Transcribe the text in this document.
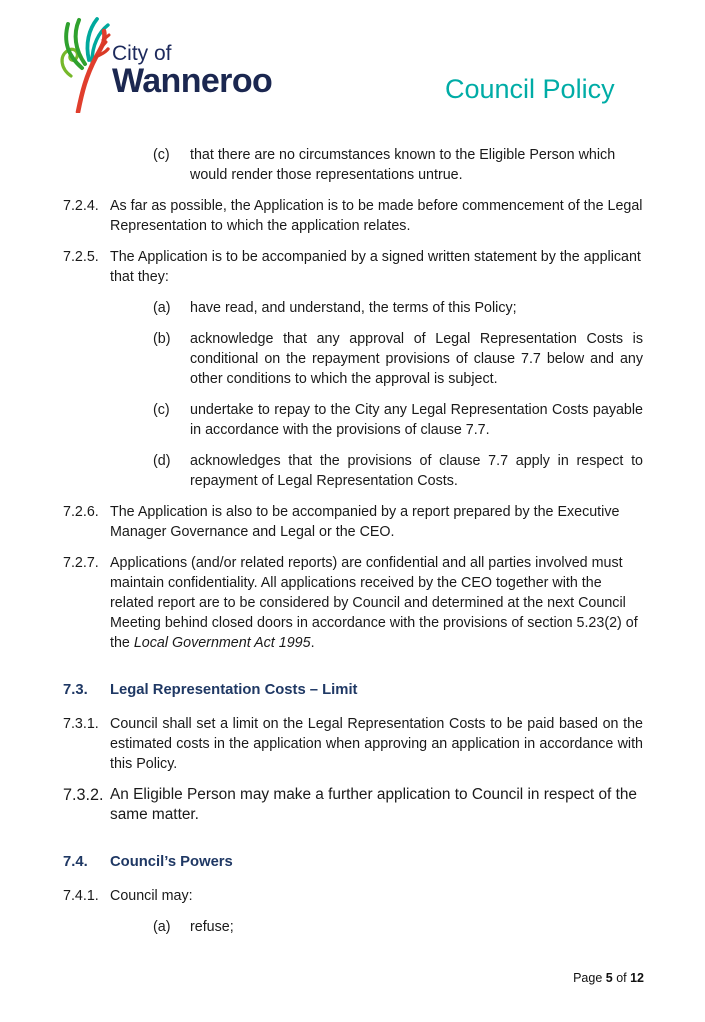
City of
Wanneroo	Council Policy
(c)	that there are no circumstances known to the Eligible Person which would render those representations untrue.
7.2.4. As far as possible, the Application is to be made before commencement of the Legal Representation to which the application relates.
7.2.5. The Application is to be accompanied by a signed written statement by the applicant that they:
(a)	have read, and understand, the terms of this Policy;
(b)	acknowledge that any approval of Legal Representation Costs is conditional on the repayment provisions of clause 7.7 below and any other conditions to which the approval is subject.
(c)	undertake to repay to the City any Legal Representation Costs payable in accordance with the provisions of clause 7.7.
(d)	acknowledges that the provisions of clause 7.7 apply in respect to repayment of Legal Representation Costs.
7.2.6. The Application is also to be accompanied by a report prepared by the Executive Manager Governance and Legal or the CEO.
7.2.7. Applications (and/or related reports) are confidential and all parties involved must maintain confidentiality. All applications received by the CEO together with the related report are to be considered by Council and determined at the next Council Meeting behind closed doors in accordance with the provisions of section 5.23(2) of the Local Government Act 1995.
7.3.	Legal Representation Costs – Limit
7.3.1. Council shall set a limit on the Legal Representation Costs to be paid based on the estimated costs in the application when approving an application in accordance with this Policy.
7.3.2. An Eligible Person may make a further application to Council in respect of the same matter.
7.4.	Council’s Powers
7.4.1. Council may:
(a)	refuse;
Page 5 of 12
